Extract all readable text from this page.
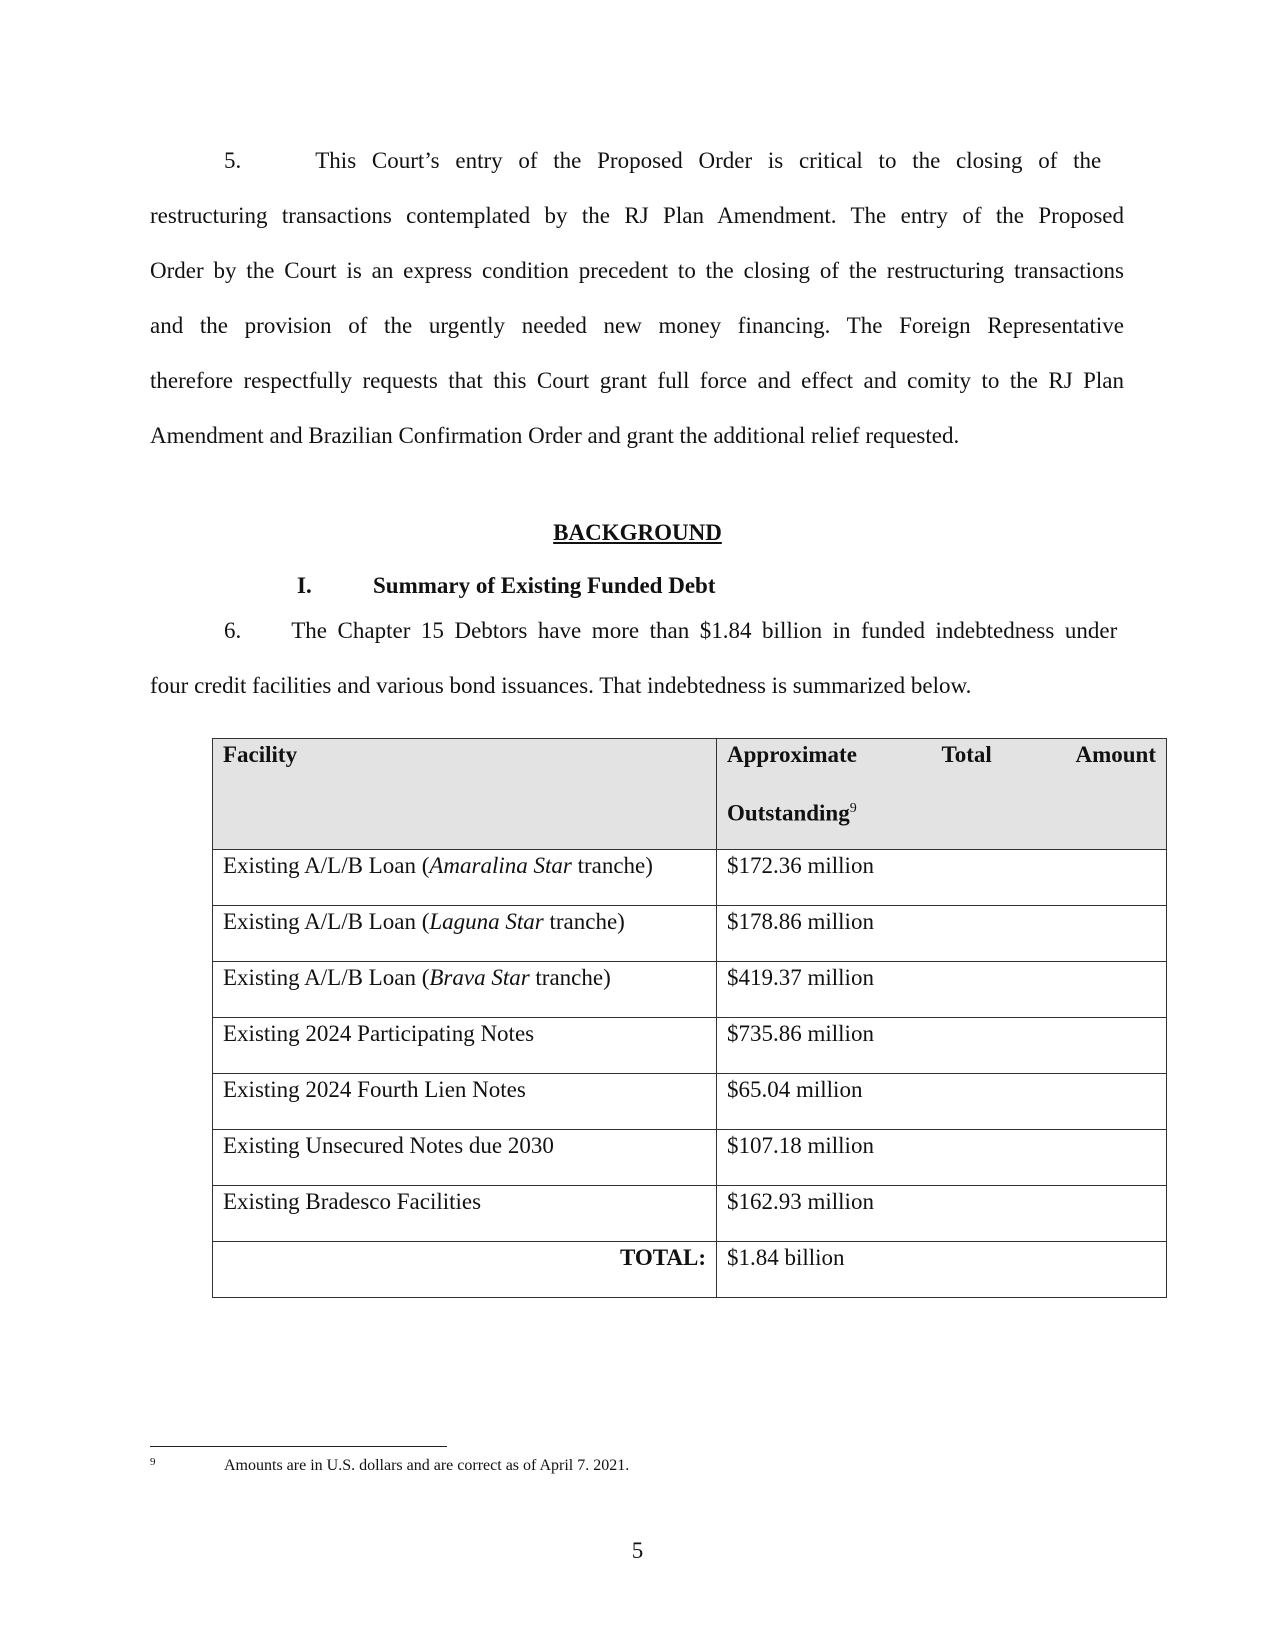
5.	This Court’s entry of the Proposed Order is critical to the closing of the
restructuring transactions contemplated by the RJ Plan Amendment. The entry of the Proposed
Order by the Court is an express condition precedent to the closing of the restructuring transactions
and the provision of the urgently needed new money financing. The Foreign Representative
therefore respectfully requests that this Court grant full force and effect and comity to the RJ Plan
Amendment and Brazilian Confirmation Order and grant the additional relief requested.
BACKGROUND
I.	Summary of Existing Funded Debt
6. The Chapter 15 Debtors have more than $1.84 billion in funded indebtedness under
four credit facilities and various bond issuances. That indebtedness is summarized below.
Facility	Approximate Total Amount
Outstanding$^9$

Existing A/L/B Loan (Amaralina Star tranche)	$172.36 million
Existing A/L/B Loan (Laguna Star tranche)	$178.86 million
Existing A/L/B Loan (Brava Star tranche)	$419.37 million
Existing 2024 Participating Notes	$735.86 million
Existing 2024 Fourth Lien Notes	$65.04 million
Existing Unsecured Notes due 2030	$107.18 million
Existing Bradesco Facilities	$162.93 million
TOTAL:	$1.84 billion
9	Amounts are in U.S. dollars and are correct as of April 7. 2021.
5
